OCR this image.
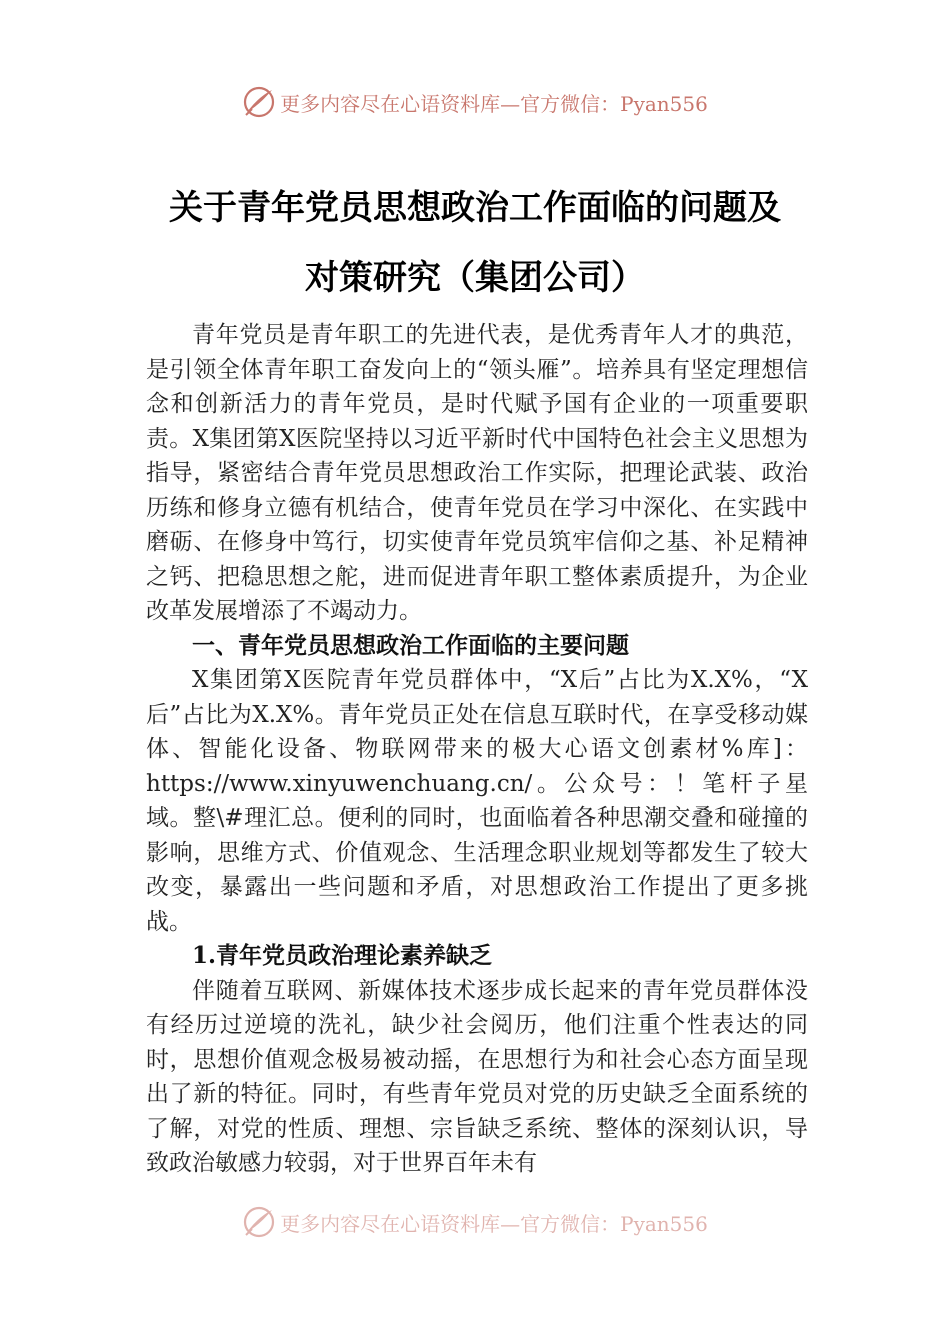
更多内容尽在心语资料库—官方微信：Pyan556
关于青年党员思想政治工作面临的问题及
对策研究（集团公司）

青年党员是青年职工的先进代表，是优秀青年人才的典范，是引领全体青年职工奋发向上的“领头雁”。培养具有坚定理想信念和创新活力的青年党员，是时代赋予国有企业的一项重要职责。X集团第X医院坚持以习近平新时代中国特色社会主义思想为指导，紧密结合青年党员思想政治工作实际，把理论武装、政治历练和修身立德有机结合，使青年党员在学习中深化、在实践中磨砺、在修身中笃行，切实使青年党员筑牢信仰之基、补足精神之钙、把稳思想之舵，进而促进青年职工整体素质提升，为企业改革发展增添了不竭动力。

一、青年党员思想政治工作面临的主要问题

X集团第X医院青年党员群体中，“X后”占比为X.X%，“X后”占比为X.X%。青年党员正处在信息互联时代，在享受移动媒体、智能化设备、物联网带来的极大心语文创素材%库]：https://www.xinyuwenchuang.cn/。公众号：！笔杆子星域。整\#理汇总。便利的同时，也面临着各种思潮交叠和碰撞的影响，思维方式、价值观念、生活理念职业规划等都发生了较大改变，暴露出一些问题和矛盾，对思想政治工作提出了更多挑战。

1.青年党员政治理论素养缺乏

伴随着互联网、新媒体技术逐步成长起来的青年党员群体没有经历过逆境的洗礼，缺少社会阅历，他们注重个性表达的同时，思想价值观念极易被动摇，在思想行为和社会心态方面呈现出了新的特征。同时，有些青年党员对党的历史缺乏全面系统的了解，对党的性质、理想、宗旨缺乏系统、整体的深刻认识，导致政治敏感力较弱，对于世界百年未有

更多内容尽在心语资料库—官方微信：Pyan556
